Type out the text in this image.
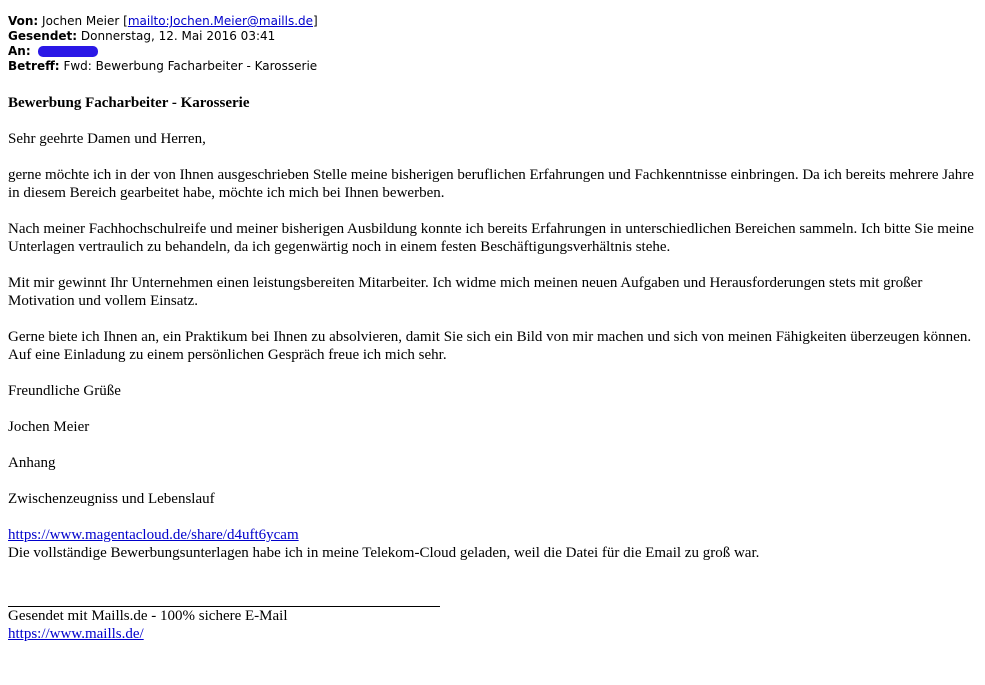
Von: Jochen Meier [mailto:Jochen.Meier@maills.de]
Gesendet: Donnerstag, 12. Mai 2016 03:41
An:
Betreff: Fwd: Bewerbung Facharbeiter - Karosserie

Bewerbung Facharbeiter - Karosserie

Sehr geehrte Damen und Herren,

gerne möchte ich in der von Ihnen ausgeschrieben Stelle meine bisherigen beruflichen Erfahrungen und Fachkenntnisse einbringen. Da ich bereits mehrere Jahre in diesem Bereich gearbeitet habe, möchte ich mich bei Ihnen bewerben.

Nach meiner Fachhochschulreife und meiner bisherigen Ausbildung konnte ich bereits Erfahrungen in unterschiedlichen Bereichen sammeln. Ich bitte Sie meine Unterlagen vertraulich zu behandeln, da ich gegenwärtig noch in einem festen Beschäftigungsverhältnis stehe.

Mit mir gewinnt Ihr Unternehmen einen leistungsbereiten Mitarbeiter. Ich widme mich meinen neuen Aufgaben und Herausforderungen stets mit großer Motivation und vollem Einsatz.

Gerne biete ich Ihnen an, ein Praktikum bei Ihnen zu absolvieren, damit Sie sich ein Bild von mir machen und sich von meinen Fähigkeiten überzeugen können.

Auf eine Einladung zu einem persönlichen Gespräch freue ich mich sehr.

Freundliche Grüße

Jochen Meier

Anhang

Zwischenzeugniss und Lebenslauf

https://www.magentacloud.de/share/d4uft6ycam

Die vollständige Bewerbungsunterlagen habe ich in meine Telekom-Cloud geladen, weil die Datei für die Email zu groß war.

Gesendet mit Maills.de - 100% sichere E-Mail

https://www.maills.de/
